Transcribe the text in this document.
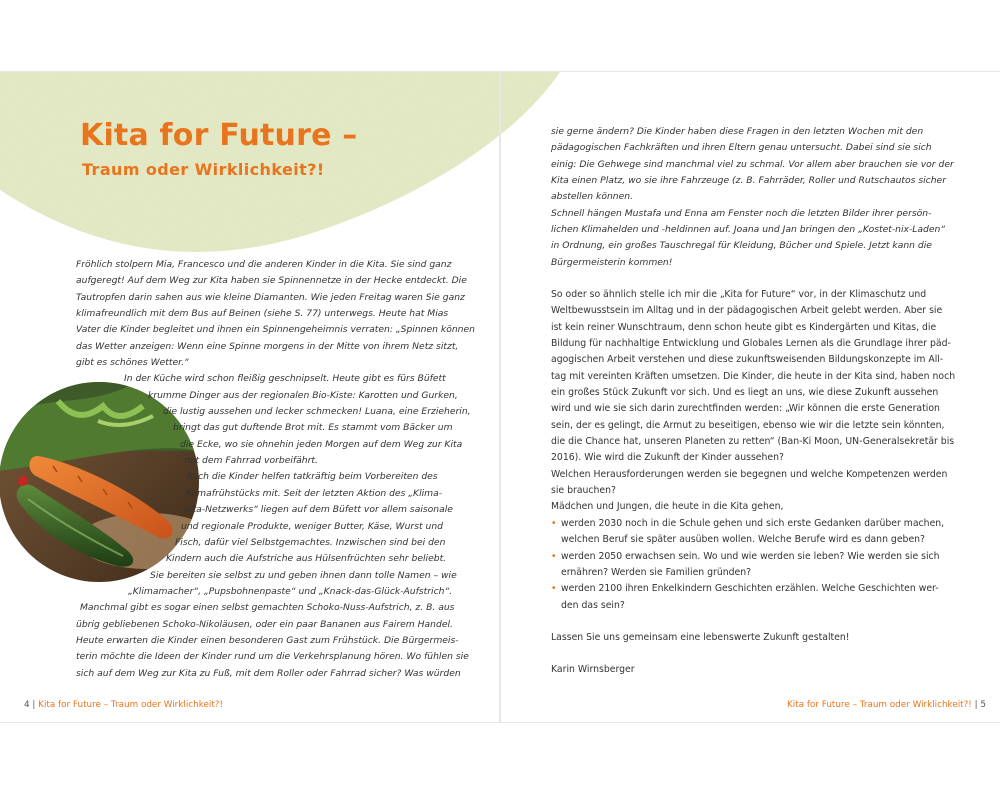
Kita for Future –
Traum oder Wirklichkeit?!
Fröhlich stolpern Mia, Francesco und die anderen Kinder in die Kita. Sie sind ganz
aufgeregt! Auf dem Weg zur Kita haben sie Spinnennetze in der Hecke entdeckt. Die
Tautropfen darin sahen aus wie kleine Diamanten. Wie jeden Freitag waren Sie ganz
klimafreundlich mit dem Bus auf Beinen (siehe S. 77) unterwegs. Heute hat Mias
Vater die Kinder begleitet und ihnen ein Spinnengeheimnis verraten: „Spinnen können
das Wetter anzeigen: Wenn eine Spinne morgens in der Mitte von ihrem Netz sitzt,
gibt es schönes Wetter.“
In der Küche wird schon fleißig geschnipselt. Heute gibt es fürs Büfett
krumme Dinger aus der regionalen Bio-Kiste: Karotten und Gurken,
die lustig aussehen und lecker schmecken! Luana, eine Erzieherin,
bringt das gut duftende Brot mit. Es stammt vom Bäcker um
die Ecke, wo sie ohnehin jeden Morgen auf dem Weg zur Kita
mit dem Fahrrad vorbeifährt.
Auch die Kinder helfen tatkräftig beim Vorbereiten des
Klimafrühstücks mit. Seit der letzten Aktion des „Klima-
Kita-Netzwerks“ liegen auf dem Büfett vor allem saisonale
und regionale Produkte, weniger Butter, Käse, Wurst und
Fisch, dafür viel Selbstgemachtes. Inzwischen sind bei den
Kindern auch die Aufstriche aus Hülsenfrüchten sehr beliebt.
Sie bereiten sie selbst zu und geben ihnen dann tolle Namen – wie
„Klimamacher“, „Pupsbohnenpaste“ und „Knack-das-Glück-Aufstrich“.
Manchmal gibt es sogar einen selbst gemachten Schoko-Nuss-Aufstrich, z. B. aus
übrig gebliebenen Schoko-Nikoläusen, oder ein paar Bananen aus Fairem Handel.
Heute erwarten die Kinder einen besonderen Gast zum Frühstück. Die Bürgermeis-
terin möchte die Ideen der Kinder rund um die Verkehrsplanung hören. Wo fühlen sie
sich auf dem Weg zur Kita zu Fuß, mit dem Roller oder Fahrrad sicher? Was würden
sie gerne ändern? Die Kinder haben diese Fragen in den letzten Wochen mit den
pädagogischen Fachkräften und ihren Eltern genau untersucht. Dabei sind sie sich
einig: Die Gehwege sind manchmal viel zu schmal. Vor allem aber brauchen sie vor der
Kita einen Platz, wo sie ihre Fahrzeuge (z. B. Fahrräder, Roller und Rutschautos sicher
abstellen können.
Schnell hängen Mustafa und Enna am Fenster noch die letzten Bilder ihrer persön-
lichen Klimahelden und -heldinnen auf. Joana und Jan bringen den „Kostet-nix-Laden“
in Ordnung, ein großes Tauschregal für Kleidung, Bücher und Spiele. Jetzt kann die
Bürgermeisterin kommen!
So oder so ähnlich stelle ich mir die „Kita for Future“ vor, in der Klimaschutz und
Weltbewusstsein im Alltag und in der pädagogischen Arbeit gelebt werden. Aber sie
ist kein reiner Wunschtraum, denn schon heute gibt es Kindergärten und Kitas, die
Bildung für nachhaltige Entwicklung und Globales Lernen als die Grundlage ihrer päd-
agogischen Arbeit verstehen und diese zukunftsweisenden Bildungskonzepte im All-
tag mit vereinten Kräften umsetzen. Die Kinder, die heute in der Kita sind, haben noch
ein großes Stück Zukunft vor sich. Und es liegt an uns, wie diese Zukunft aussehen
wird und wie sie sich darin zurechtfinden werden: „Wir können die erste Generation
sein, der es gelingt, die Armut zu beseitigen, ebenso wie wir die letzte sein könnten,
die die Chance hat, unseren Planeten zu retten“ (Ban-Ki Moon, UN-Generalsekretär bis
2016). Wie wird die Zukunft der Kinder aussehen?
Welchen Herausforderungen werden sie begegnen und welche Kompetenzen werden
sie brauchen?
Mädchen und Jungen, die heute in die Kita gehen,
• werden 2030 noch in die Schule gehen und sich erste Gedanken darüber machen,
welchen Beruf sie später ausüben wollen. Welche Berufe wird es dann geben?
• werden 2050 erwachsen sein. Wo und wie werden sie leben? Wie werden sie sich
ernähren? Werden sie Familien gründen?
• werden 2100 ihren Enkelkindern Geschichten erzählen. Welche Geschichten wer-
den das sein?
Lassen Sie uns gemeinsam eine lebenswerte Zukunft gestalten!
Karin Wirnsberger
4 | Kita for Future – Traum oder Wirklichkeit?!	Kita for Future – Traum oder Wirklichkeit?! | 5
